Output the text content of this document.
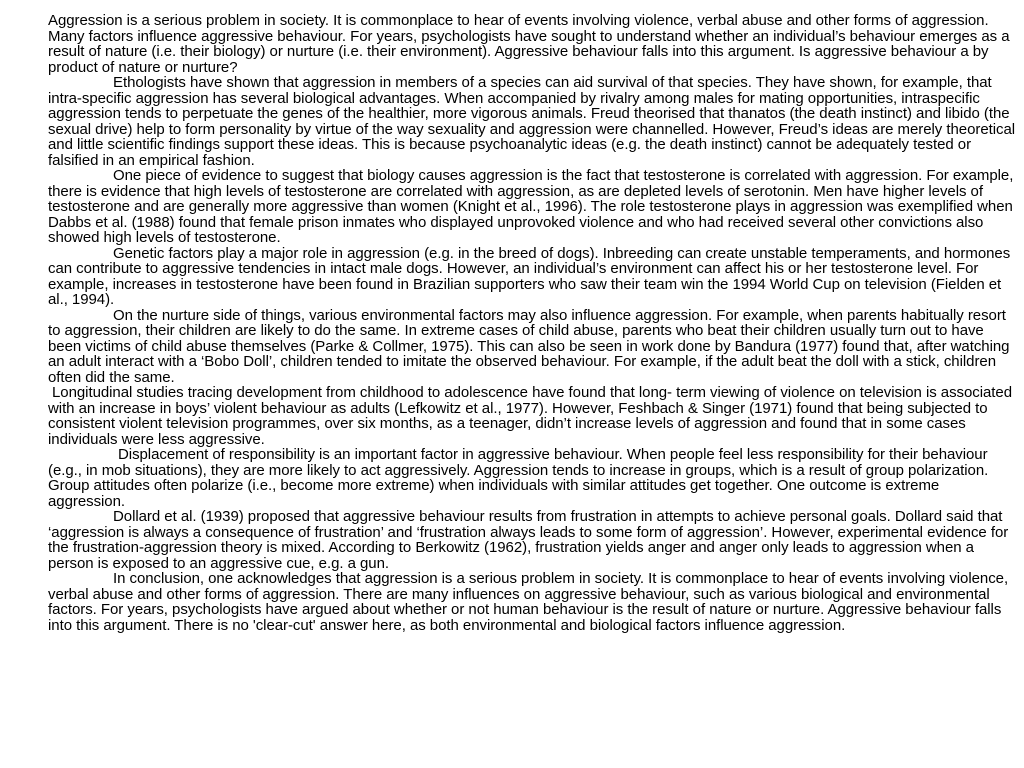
Aggression is a serious problem in society. It is commonplace to hear of events involving violence, verbal abuse and other forms of aggression. Many factors influence aggressive behaviour. For years, psychologists have sought to understand whether an individual’s behaviour emerges as a result of nature (i.e. their biology) or nurture (i.e. their environment). Aggressive behaviour falls into this argument. Is aggressive behaviour a by product of nature or nurture?

Ethologists have shown that aggression in members of a species can aid survival of that species. They have shown, for example, that intra-specific aggression has several biological advantages. When accompanied by rivalry among males for mating opportunities, intraspecific aggression tends to perpetuate the genes of the healthier, more vigorous animals. Freud theorised that thanatos (the death instinct) and libido (the sexual drive) help to form personality by virtue of the way sexuality and aggression were channelled. However, Freud’s ideas are merely theoretical and little scientific findings support these ideas. This is because psychoanalytic ideas (e.g. the death instinct) cannot be adequately tested or falsified in an empirical fashion.

One piece of evidence to suggest that biology causes aggression is the fact that testosterone is correlated with aggression. For example, there is evidence that high levels of testosterone are correlated with aggression, as are depleted levels of serotonin. Men have higher levels of testosterone and are generally more aggressive than women (Knight et al., 1996). The role testosterone plays in aggression was exemplified when Dabbs et al. (1988) found that female prison inmates who displayed unprovoked violence and who had received several other convictions also showed high levels of testosterone.

Genetic factors play a major role in aggression (e.g. in the breed of dogs). Inbreeding can create unstable temperaments, and hormones can contribute to aggressive tendencies in intact male dogs. However, an individual’s environment can affect his or her testosterone level. For example, increases in testosterone have been found in Brazilian supporters who saw their team win the 1994 World Cup on television (Fielden et al., 1994).

On the nurture side of things, various environmental factors may also influence aggression. For example, when parents habitually resort to aggression, their children are likely to do the same. In extreme cases of child abuse, parents who beat their children usually turn out to have been victims of child abuse themselves (Parke & Collmer, 1975). This can also be seen in work done by Bandura (1977) found that, after watching an adult interact with a ‘Bobo Doll’, children tended to imitate the observed behaviour. For example, if the adult beat the doll with a stick, children often did the same.

Longitudinal studies tracing development from childhood to adolescence have found that long- term viewing of violence on television is associated with an increase in boys’ violent behaviour as adults (Lefkowitz et al., 1977). However, Feshbach & Singer (1971) found that being subjected to consistent violent television programmes, over six months, as a teenager, didn’t increase levels of aggression and found that in some cases individuals were less aggressive.

Displacement of responsibility is an important factor in aggressive behaviour. When people feel less responsibility for their behaviour (e.g., in mob situations), they are more likely to act aggressively. Aggression tends to increase in groups, which is a result of group polarization. Group attitudes often polarize (i.e., become more extreme) when individuals with similar attitudes get together. One outcome is extreme aggression.

Dollard et al. (1939) proposed that aggressive behaviour results from frustration in attempts to achieve personal goals. Dollard said that ‘aggression is always a consequence of frustration’ and ‘frustration always leads to some form of aggression’. However, experimental evidence for the frustration-aggression theory is mixed. According to Berkowitz (1962), frustration yields anger and anger only leads to aggression when a person is exposed to an aggressive cue, e.g. a gun.

In conclusion, one acknowledges that aggression is a serious problem in society. It is commonplace to hear of events involving violence, verbal abuse and other forms of aggression. There are many influences on aggressive behaviour, such as various biological and environmental factors. For years, psychologists have argued about whether or not human behaviour is the result of nature or nurture. Aggressive behaviour falls into this argument. There is no 'clear-cut' answer here, as both environmental and biological factors influence aggression.
